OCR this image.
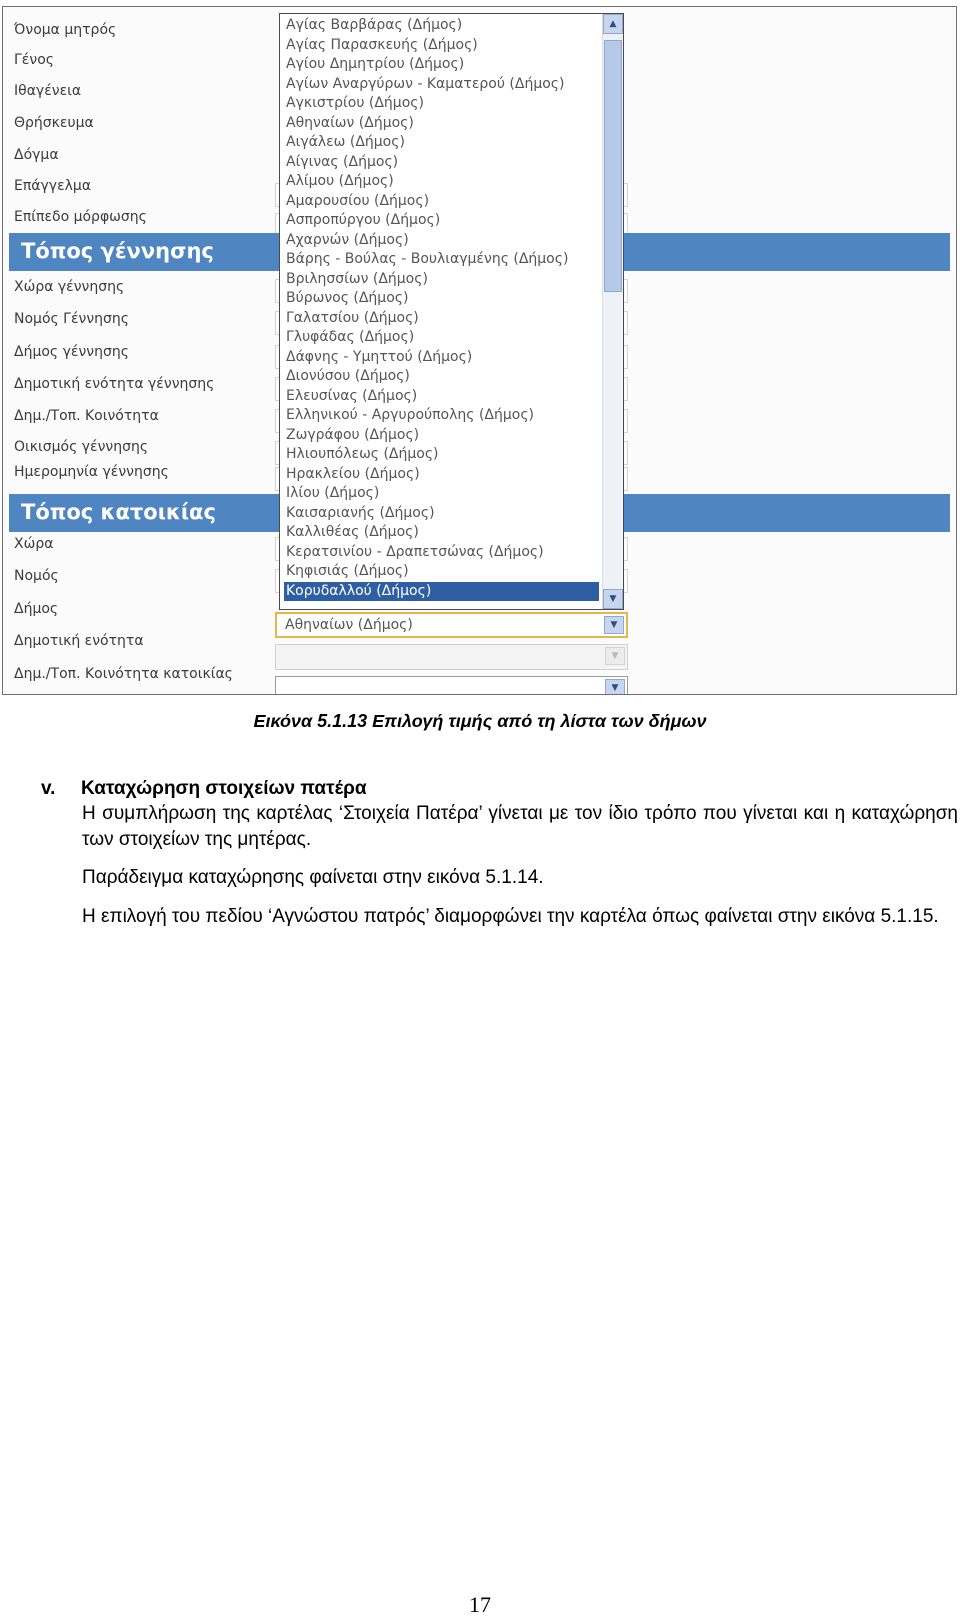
Όνομα μητρός
Γένος
Ιθαγένεια
Θρήσκευμα
Δόγμα
Επάγγελμα
Επίπεδο μόρφωσης
Τόπος γέννησης
Χώρα γέννησης
Νομός Γέννησης
Δήμος γέννησης
Δημοτική ενότητα γέννησης
Δημ./Τοπ. Κοινότητα
Οικισμός γέννησης
Ημερομηνία γέννησης
Τόπος κατοικίας
Χώρα
Νομός
Δήμος
Δημοτική ενότητα
Δημ./Τοπ. Κοινότητα κατοικίας
Αγίας Βαρβάρας (Δήμος)
Αγίας Παρασκευής (Δήμος)
Αγίου Δημητρίου (Δήμος)
Αγίων Αναργύρων - Καματερού (Δήμος)
Αγκιστρίου (Δήμος)
Αθηναίων (Δήμος)
Αιγάλεω (Δήμος)
Αίγινας (Δήμος)
Αλίμου (Δήμος)
Αμαρουσίου (Δήμος)
Ασπροπύργου (Δήμος)
Αχαρνών (Δήμος)
Βάρης - Βούλας - Βουλιαγμένης (Δήμος)
Βριλησσίων (Δήμος)
Βύρωνος (Δήμος)
Γαλατσίου (Δήμος)
Γλυφάδας (Δήμος)
Δάφνης - Υμηττού (Δήμος)
Διονύσου (Δήμος)
Ελευσίνας (Δήμος)
Ελληνικού - Αργυρούπολης (Δήμος)
Ζωγράφου (Δήμος)
Ηλιουπόλεως (Δήμος)
Ηρακλείου (Δήμος)
Ιλίου (Δήμος)
Καισαριανής (Δήμος)
Καλλιθέας (Δήμος)
Κερατσινίου - Δραπετσώνας (Δήμος)
Κηφισιάς (Δήμος)
Κορυδαλλού (Δήμος)
▲
▼
Αθηναίων (Δήμος)	▼
▼
▼
Εικόνα 5.1.13 Επιλογή τιμής από τη λίστα των δήμων
v. Καταχώρηση στοιχείων πατέρα

Η συμπλήρωση της καρτέλας ‘Στοιχεία Πατέρα’ γίνεται με τον ίδιο τρόπο που γίνεται και η καταχώρηση των στοιχείων της μητέρας.

Παράδειγμα καταχώρησης φαίνεται στην εικόνα 5.1.14.

Η επιλογή του πεδίου ‘Αγνώστου πατρός’ διαμορφώνει την καρτέλα όπως φαίνεται στην εικόνα 5.1.15.

17
